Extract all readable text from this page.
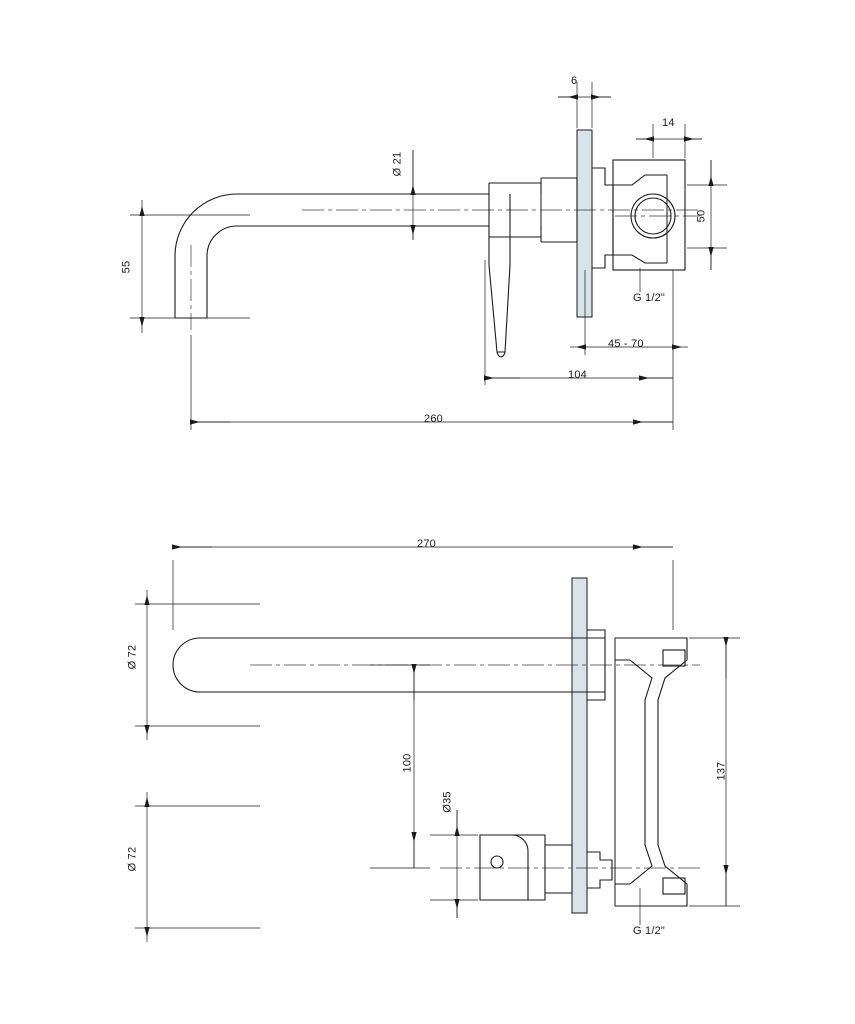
6
14
50
55
Ø 21
G 1/2"
45 - 70
104
260
270
Ø 72
100
Ø35
Ø 72
137
G 1/2"
